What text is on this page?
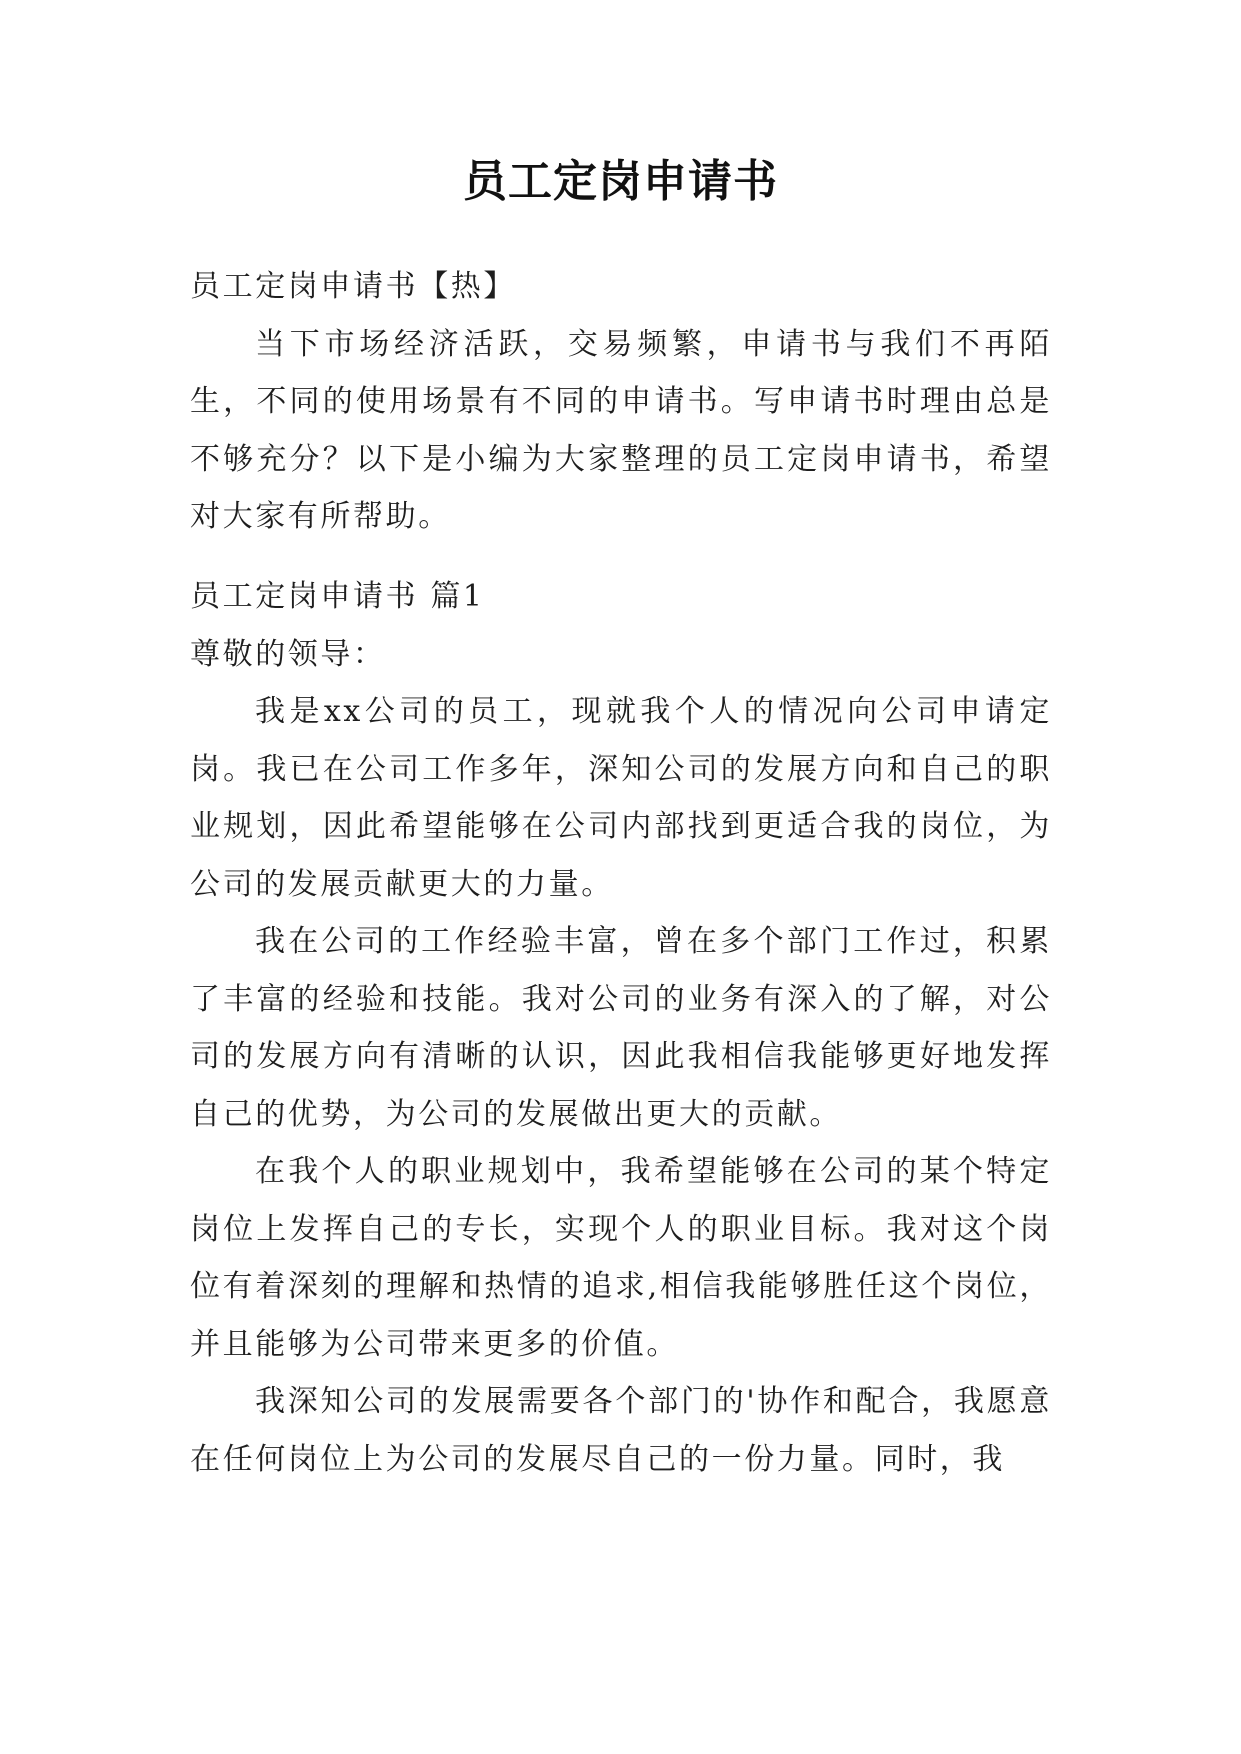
员工定岗申请书

员工定岗申请书【热】

当下市场经济活跃，交易频繁，申请书与我们不再陌生，不同的使用场景有不同的申请书。写申请书时理由总是不够充分？以下是小编为大家整理的员工定岗申请书，希望对大家有所帮助。

员工定岗申请书 篇1

尊敬的领导：

我是xx公司的员工，现就我个人的情况向公司申请定岗。我已在公司工作多年，深知公司的发展方向和自己的职业规划，因此希望能够在公司内部找到更适合我的岗位，为公司的发展贡献更大的力量。

我在公司的工作经验丰富，曾在多个部门工作过，积累了丰富的经验和技能。我对公司的业务有深入的了解，对公司的发展方向有清晰的认识，因此我相信我能够更好地发挥自己的优势，为公司的发展做出更大的贡献。

在我个人的职业规划中，我希望能够在公司的某个特定岗位上发挥自己的专长，实现个人的职业目标。我对这个岗位有着深刻的理解和热情的追求,相信我能够胜任这个岗位，并且能够为公司带来更多的价值。

我深知公司的发展需要各个部门的'协作和配合，我愿意在任何岗位上为公司的发展尽自己的一份力量。同时，我
